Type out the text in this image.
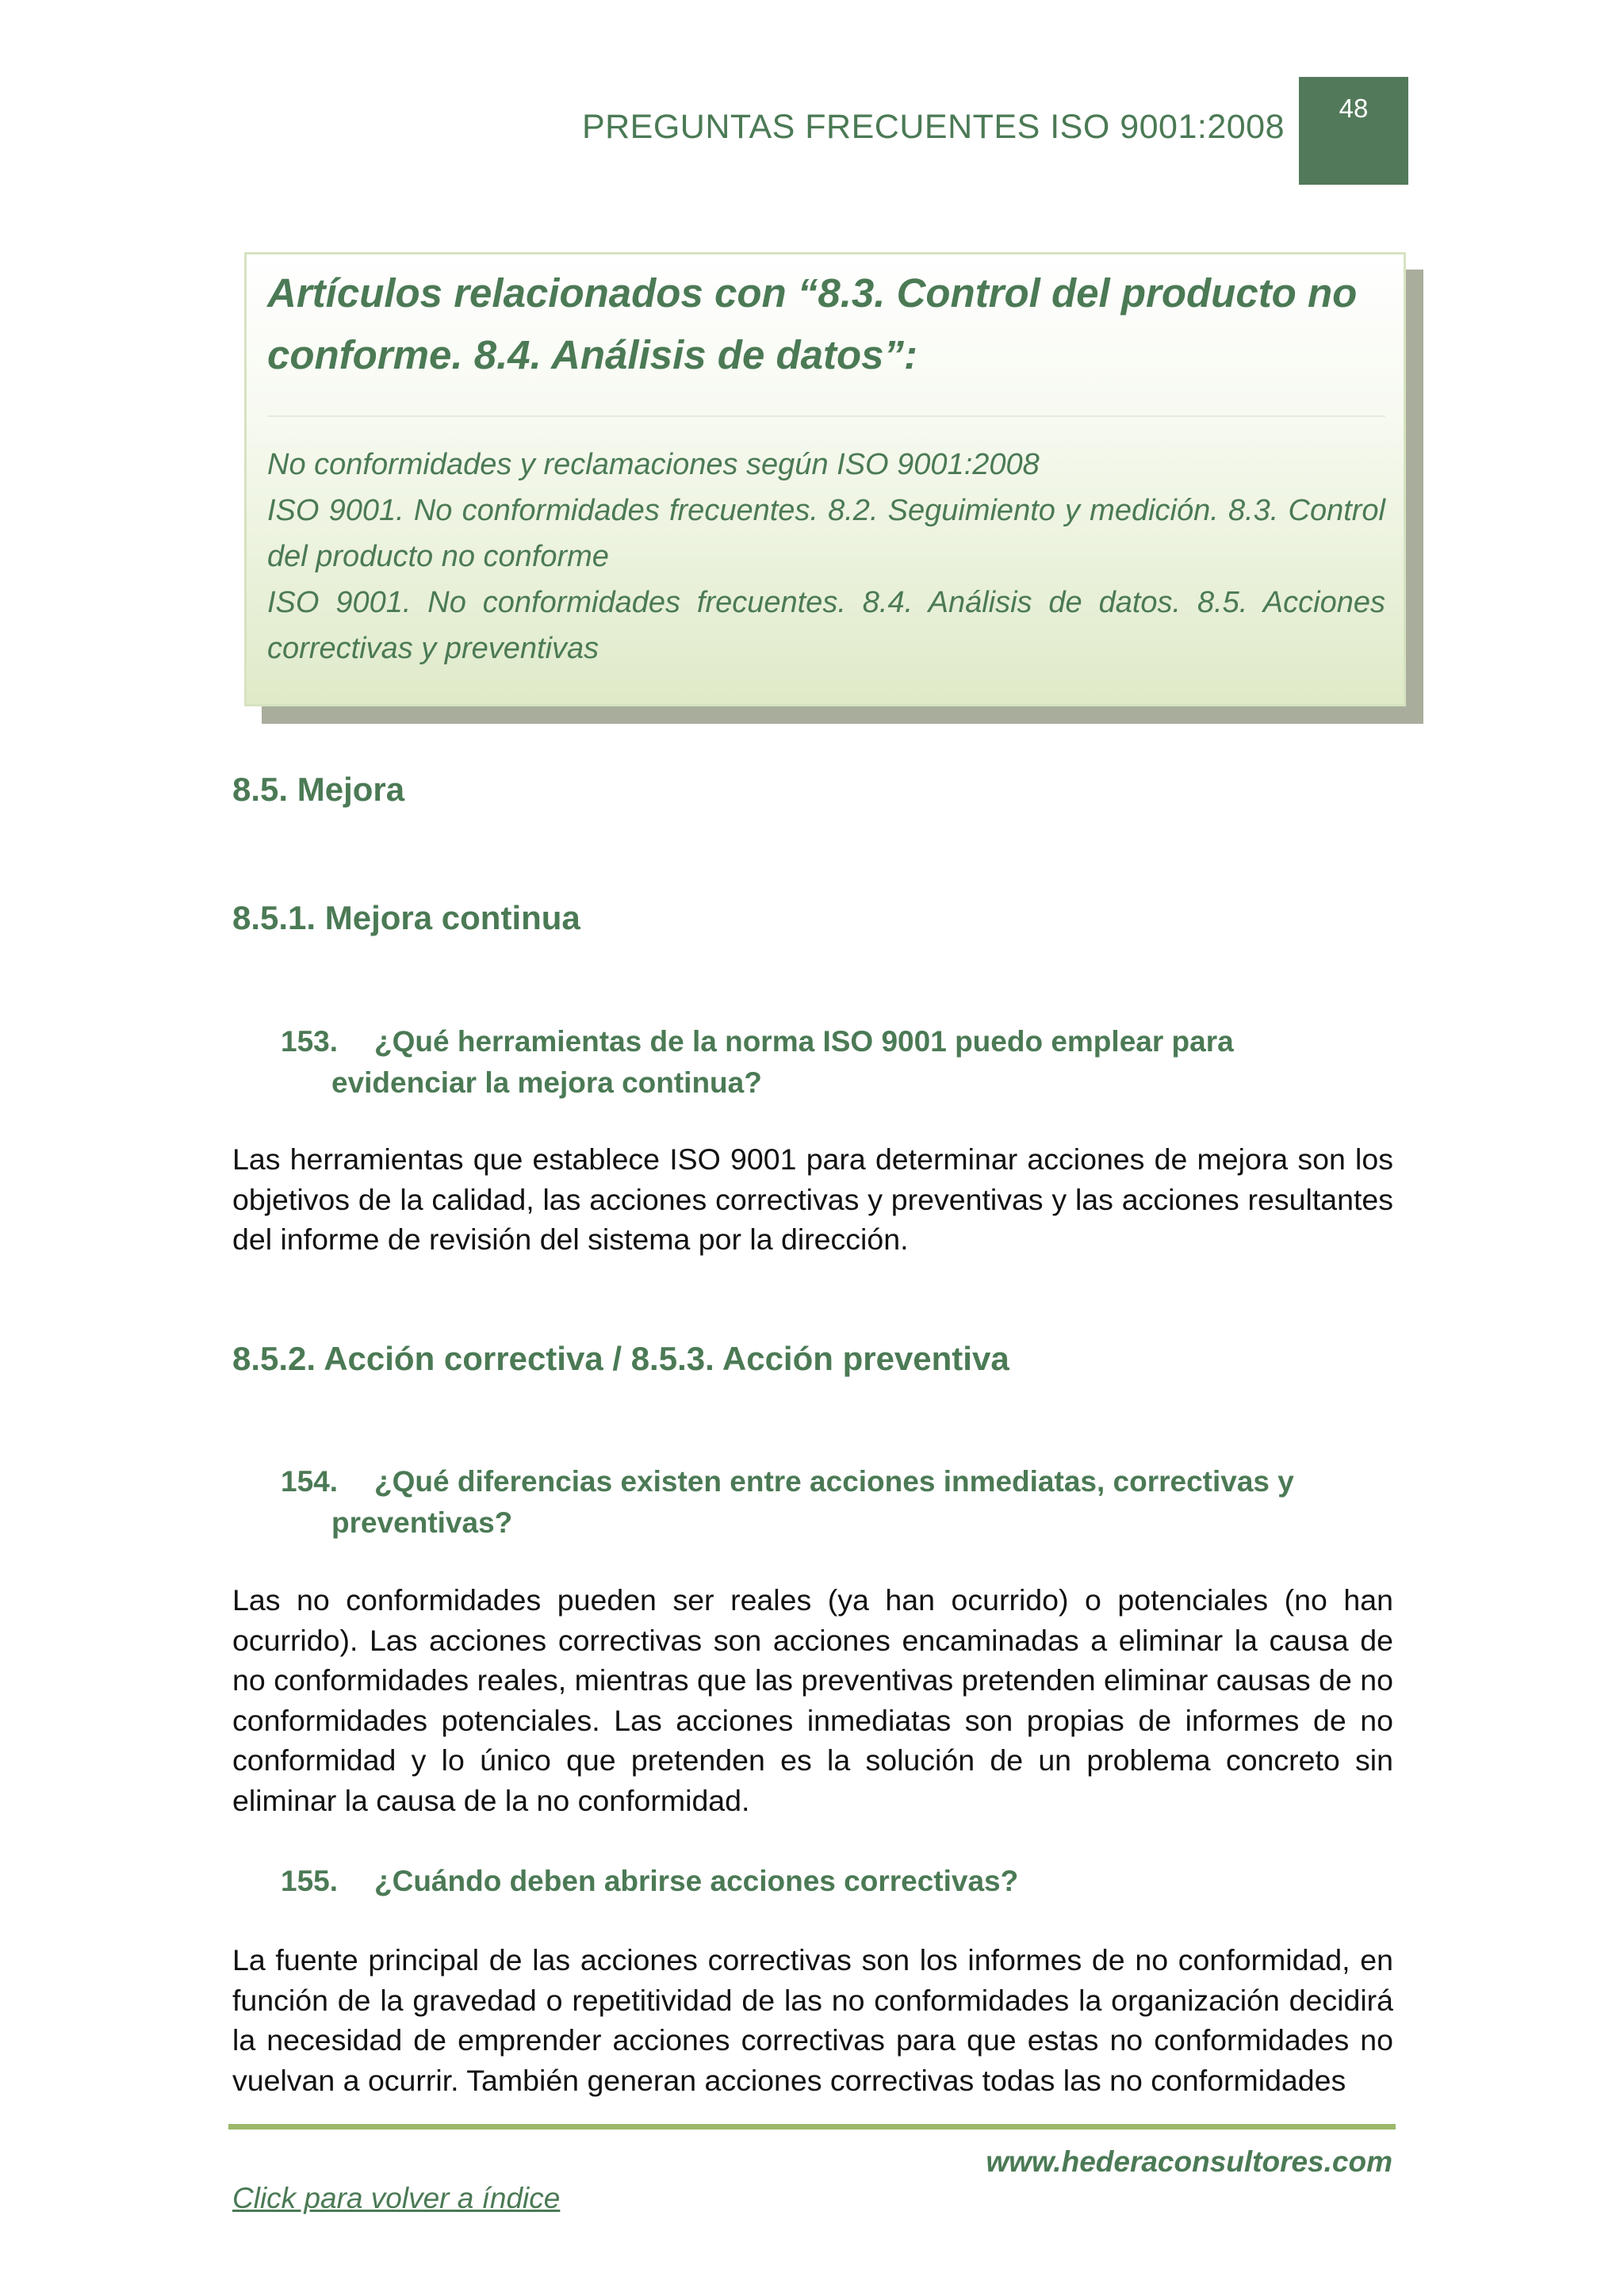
PREGUNTAS FRECUENTES ISO 9001:2008	48
Artículos relacionados con “8.3. Control del producto no conforme. 8.4. Análisis de datos”:
No conformidades y reclamaciones según ISO 9001:2008
ISO 9001. No conformidades frecuentes. 8.2. Seguimiento y medición. 8.3. Control del producto no conforme
ISO 9001. No conformidades frecuentes. 8.4. Análisis de datos. 8.5. Acciones correctivas y preventivas
8.5. Mejora
8.5.1. Mejora continua
153. ¿Qué herramientas de la norma ISO 9001 puedo emplear para
evidenciar la mejora continua?
Las herramientas que establece ISO 9001 para determinar acciones de mejora son los objetivos de la calidad, las acciones correctivas y preventivas y las acciones resultantes del informe de revisión del sistema por la dirección.
8.5.2. Acción correctiva / 8.5.3. Acción preventiva
154. ¿Qué diferencias existen entre acciones inmediatas, correctivas y
preventivas?
Las no conformidades pueden ser reales (ya han ocurrido) o potenciales (no han ocurrido). Las acciones correctivas son acciones encaminadas a eliminar la causa de no conformidades reales, mientras que las preventivas pretenden eliminar causas de no conformidades potenciales. Las acciones inmediatas son propias de informes de no conformidad y lo único que pretenden es la solución de un problema concreto sin eliminar la causa de la no conformidad.
155. ¿Cuándo deben abrirse acciones correctivas?
La fuente principal de las acciones correctivas son los informes de no conformidad, en función de la gravedad o repetitividad de las no conformidades la organización decidirá la necesidad de emprender acciones correctivas para que estas no conformidades no vuelvan a ocurrir. También generan acciones correctivas todas las no conformidades
www.hederaconsultores.com
Click para volver a índice
